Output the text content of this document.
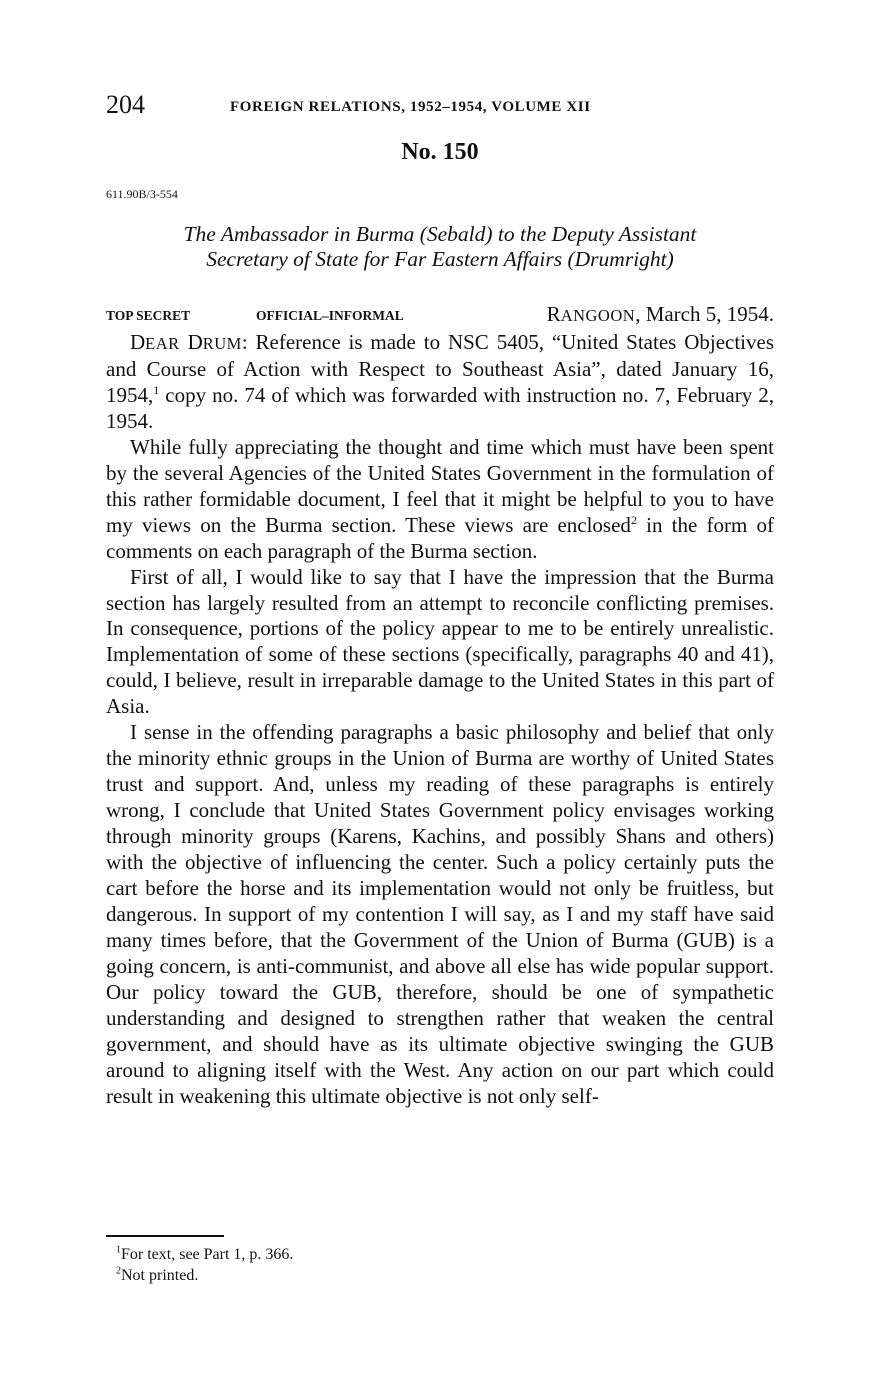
204	FOREIGN RELATIONS, 1952–1954, VOLUME XII
No. 150
611.90B/3-554
The Ambassador in Burma (Sebald) to the Deputy Assistant
Secretary of State for Far Eastern Affairs (Drumright)
TOP SECRET	OFFICIAL–INFORMAL	RANGOON, March 5, 1954.

DEAR DRUM: Reference is made to NSC 5405, “United States Objectives and Course of Action with Respect to Southeast Asia”, dated January 16, 1954,$^1$ copy no. 74 of which was forwarded with instruction no. 7, February 2, 1954.

While fully appreciating the thought and time which must have been spent by the several Agencies of the United States Government in the formulation of this rather formidable document, I feel that it might be helpful to you to have my views on the Burma section. These views are enclosed$^2$ in the form of comments on each paragraph of the Burma section.

First of all, I would like to say that I have the impression that the Burma section has largely resulted from an attempt to reconcile conflicting premises. In consequence, portions of the policy appear to me to be entirely unrealistic. Implementation of some of these sections (specifically, paragraphs 40 and 41), could, I believe, result in irreparable damage to the United States in this part of Asia.

I sense in the offending paragraphs a basic philosophy and belief that only the minority ethnic groups in the Union of Burma are worthy of United States trust and support. And, unless my reading of these paragraphs is entirely wrong, I conclude that United States Government policy envisages working through minority groups (Karens, Kachins, and possibly Shans and others) with the objective of influencing the center. Such a policy certainly puts the cart before the horse and its implementation would not only be fruitless, but dangerous. In support of my contention I will say, as I and my staff have said many times before, that the Government of the Union of Burma (GUB) is a going concern, is anti-communist, and above all else has wide popular support. Our policy toward the GUB, therefore, should be one of sympathetic understanding and designed to strengthen rather that weaken the central government, and should have as its ultimate objective swinging the GUB around to aligning itself with the West. Any action on our part which could result in weakening this ultimate objective is not only self-

$^1$For text, see Part 1, p. 366.
$^2$Not printed.
